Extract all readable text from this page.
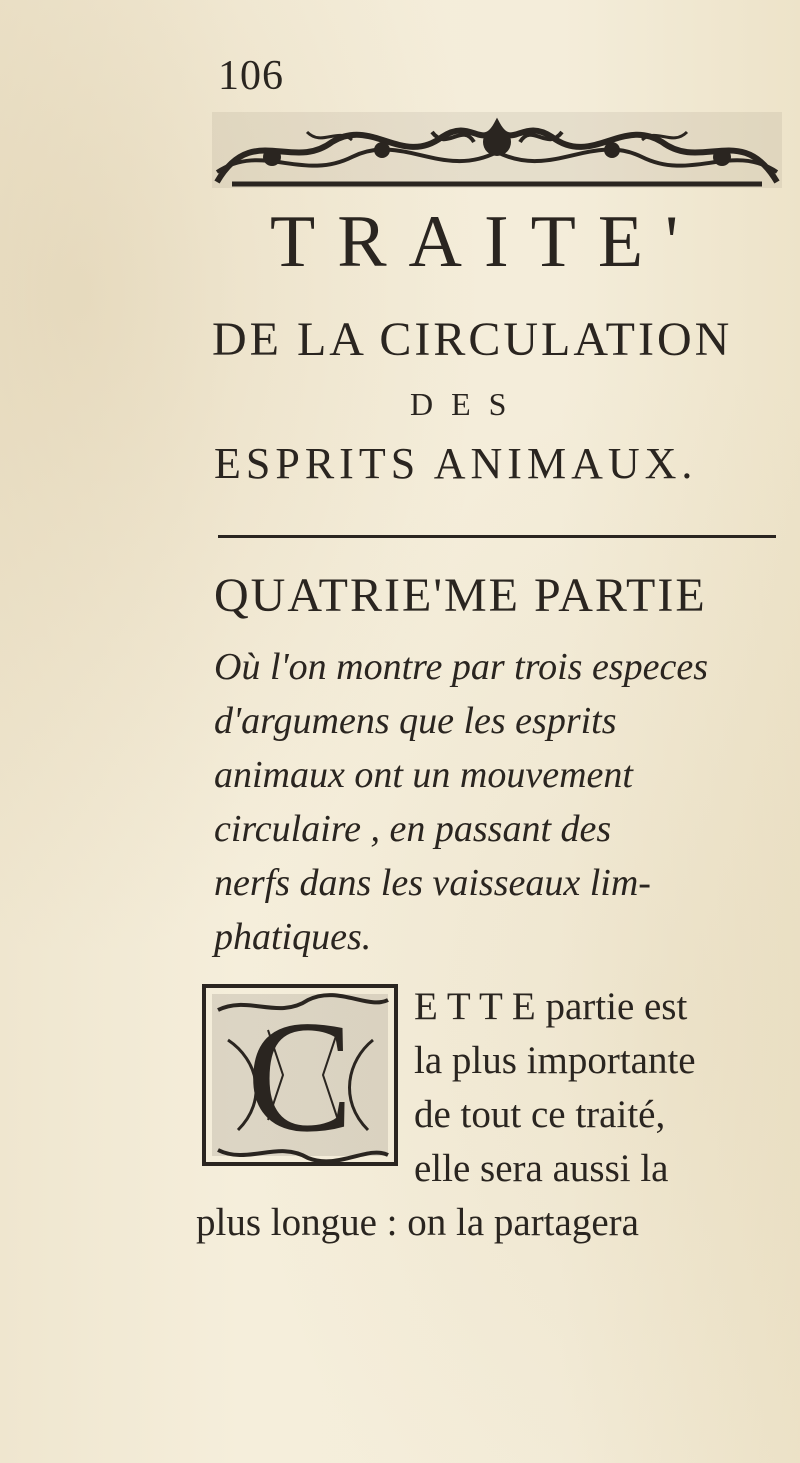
106
TRAITE'
DE LA CIRCULATION
DES
ESPRITS ANIMAUX.
QUATRIE'ME PARTIE
Où l'on montre par trois especes
d'argumens que les esprits
animaux ont un mouvement
circulaire , en passant des
nerfs dans les vaisseaux lim-
phatiques.
C E T T E partie est
la plus importante
de tout ce traité,
elle sera aussi la
plus longue : on la partagera
